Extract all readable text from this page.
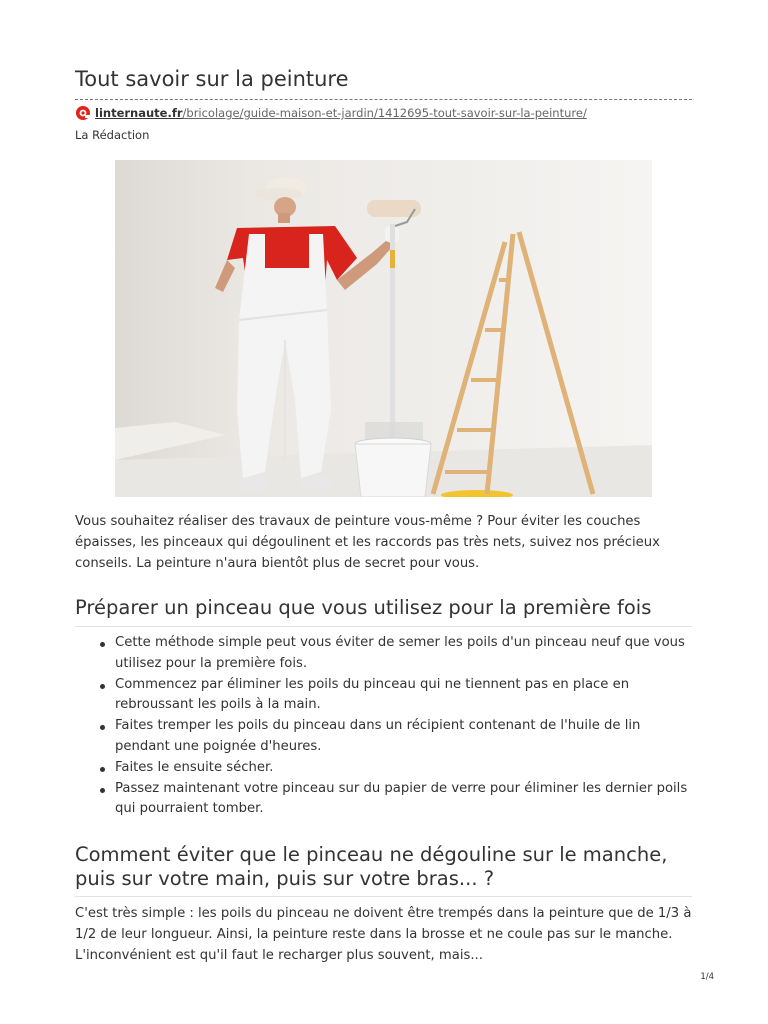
Tout savoir sur la peinture
linternaute.fr /bricolage/guide-maison-et-jardin/1412695-tout-savoir-sur-la-peinture/
La Rédaction

Vous souhaitez réaliser des travaux de peinture vous-même ? Pour éviter les couches épaisses, les pinceaux qui dégoulinent et les raccords pas très nets, suivez nos précieux conseils. La peinture n'aura bientôt plus de secret pour vous.

Préparer un pinceau que vous utilisez pour la première fois
Cette méthode simple peut vous éviter de semer les poils d'un pinceau neuf que vous utilisez pour la première fois.
Commencez par éliminer les poils du pinceau qui ne tiennent pas en place en rebroussant les poils à la main.
Faites tremper les poils du pinceau dans un récipient contenant de l'huile de lin pendant une poignée d'heures.
Faites le ensuite sécher.
Passez maintenant votre pinceau sur du papier de verre pour éliminer les dernier poils qui pourraient tomber.
Comment éviter que le pinceau ne dégouline sur le manche, puis sur votre main, puis sur votre bras... ?

C'est très simple : les poils du pinceau ne doivent être trempés dans la peinture que de 1/3 à 1/2 de leur longueur. Ainsi, la peinture reste dans la brosse et ne coule pas sur le manche. L'inconvénient est qu'il faut le recharger plus souvent, mais...

1/4
